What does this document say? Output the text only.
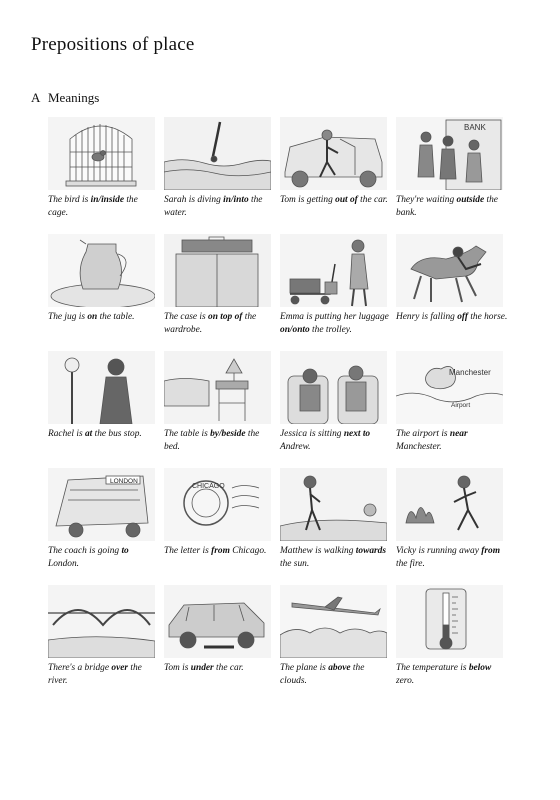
Prepositions of place
A Meanings
The bird is in/inside the cage.
Sarah is diving in/into the water.
Tom is getting out of the car.
BANK
They're waiting outside the bank.
The jug is on the table.	The case is on top of the wardrobe.
Emma is putting her luggage on/onto the trolley.
Henry is falling off the horse.
Rachel is at the bus stop.	The table is by/beside the bed.
Jessica is sitting next to Andrew.
Manchester
Airport
The airport is near Manchester.
LONDON
The coach is going to London.
CHICAGO
The letter is from Chicago.	Matthew is walking towards the sun.
Vicky is running away from the fire.
There's a bridge over the river.
Tom is under the car.	The plane is above the clouds.
The temperature is below zero.
